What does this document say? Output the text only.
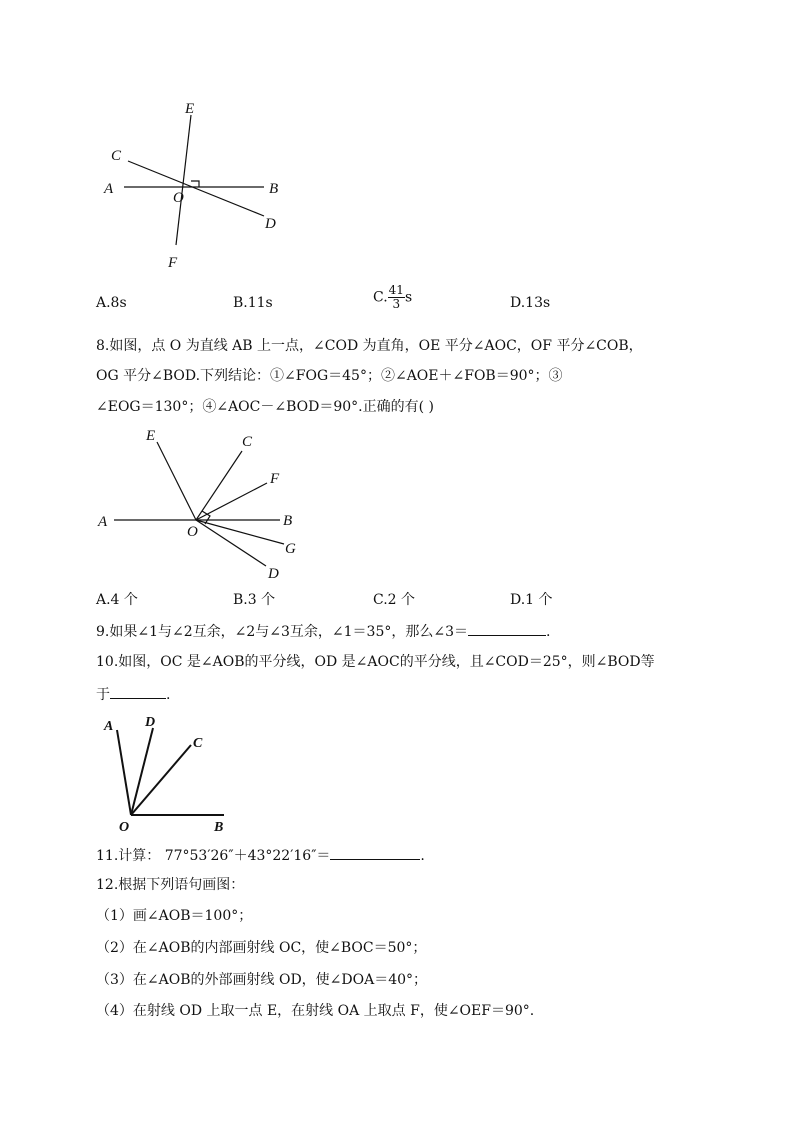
E
C
A
O
B
D
F
A.8s	B.11s	C. $\frac{41}{3}$ s	D.13s
8.如图，点 O 为直线 AB 上一点，∠COD 为直角，OE 平分∠AOC，OF 平分∠COB，
OG 平分∠BOD.下列结论：①∠FOG＝45°；②∠AOE＋∠FOB＝90°；③
∠EOG＝130°；④∠AOC－∠BOD＝90°.正确的有( )
E	C
F
A
O
B
G
D
A.4 个	B.3 个	C.2 个	D.1 个
9.如果∠1与∠2互余，∠2与∠3互余，∠1＝35°，那么∠3＝	.
10.如图，OC 是∠AOB的平分线，OD 是∠AOC的平分线，且∠COD＝25°，则∠BOD等
于	.
A D
C
O	B
11.计算： 77°53′26″＋43°22′16″＝	.
12.根据下列语句画图：
（1）画∠AOB＝100°；
（2）在∠AOB的内部画射线 OC，使∠BOC＝50°；
（3）在∠AOB的外部画射线 OD，使∠DOA＝40°；
（4）在射线 OD 上取一点 E，在射线 OA 上取点 F，使∠OEF＝90°.
